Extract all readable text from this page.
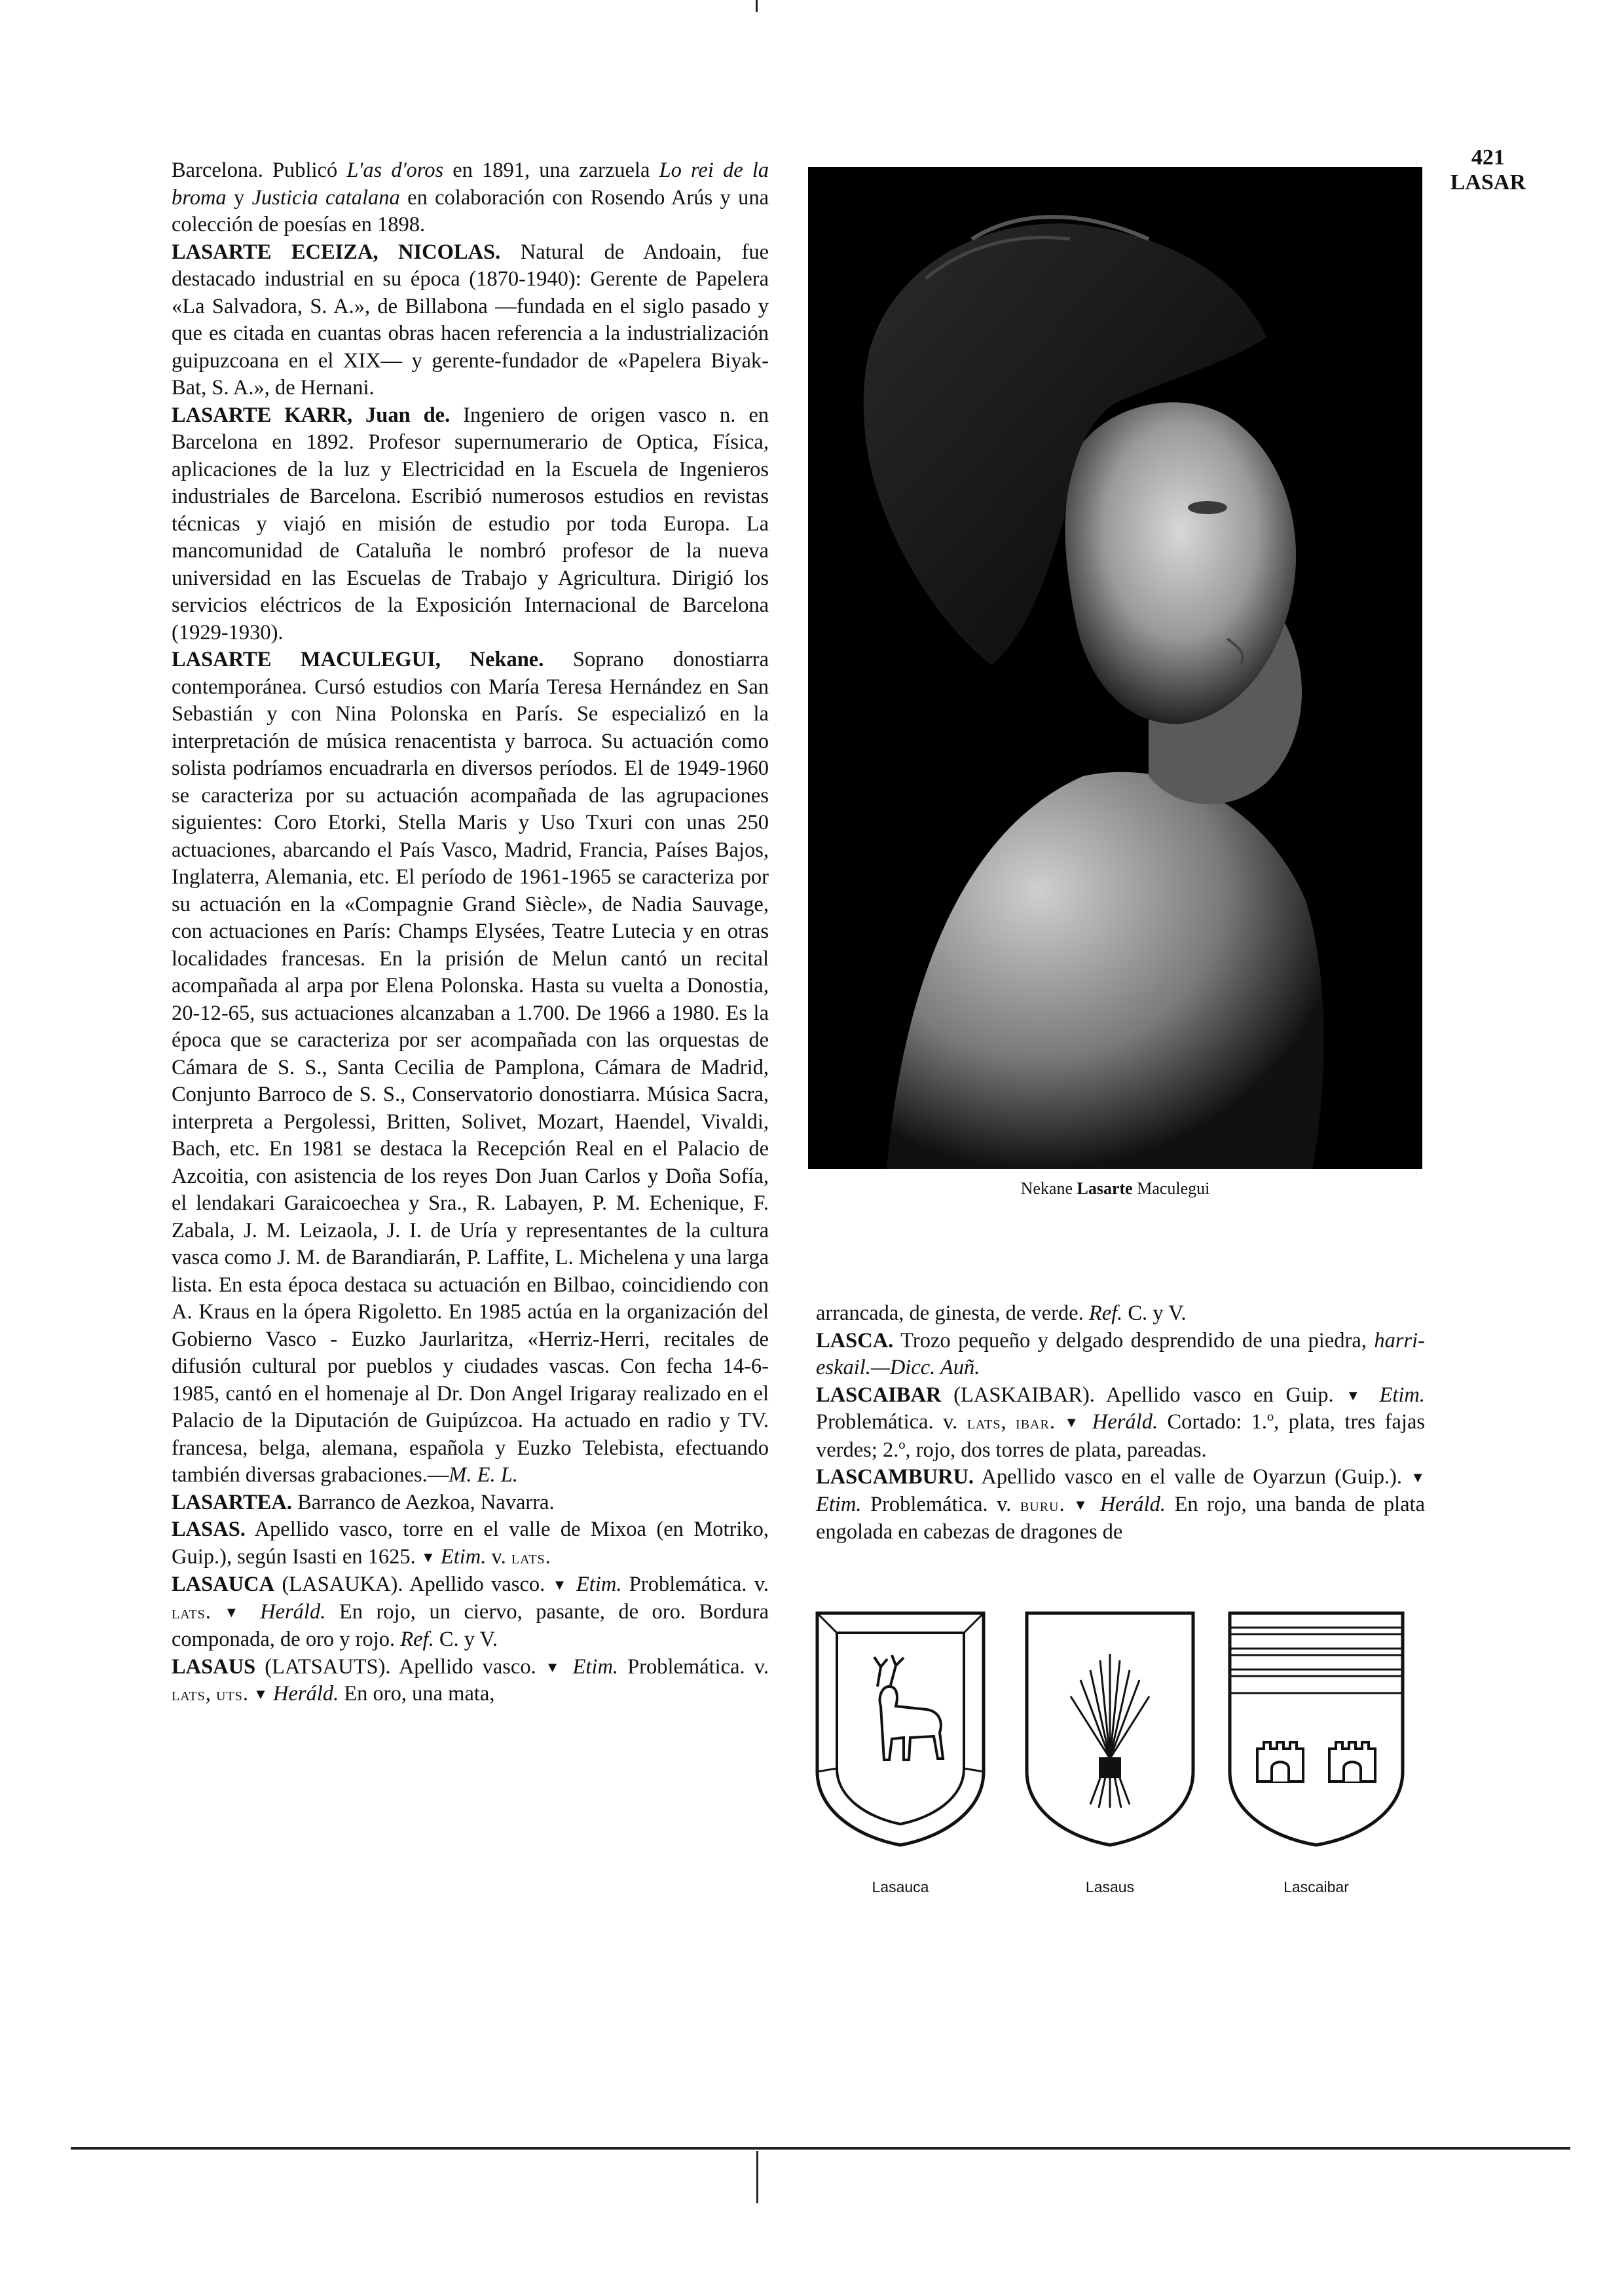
421
LASAR

Barcelona. Publicó L'as d'oros en 1891, una zarzuela Lo rei de la broma y Justicia catalana en colaboración con Rosendo Arús y una colección de poesías en 1898.

LASARTE ECEIZA, NICOLAS. Natural de Andoain, fue destacado industrial en su época (1870-1940): Gerente de Papelera «La Salvadora, S. A.», de Billabona —fundada en el siglo pasado y que es citada en cuantas obras hacen referencia a la industrialización guipuzcoana en el XIX— y gerente-fundador de «Papelera Biyak-Bat, S. A.», de Hernani.

LASARTE KARR, Juan de. Ingeniero de origen vasco n. en Barcelona en 1892. Profesor supernumerario de Optica, Física, aplicaciones de la luz y Electricidad en la Escuela de Ingenieros industriales de Barcelona. Escribió numerosos estudios en revistas técnicas y viajó en misión de estudio por toda Europa. La mancomunidad de Cataluña le nombró profesor de la nueva universidad en las Escuelas de Trabajo y Agricultura. Dirigió los servicios eléctricos de la Exposición Internacional de Barcelona (1929-1930).

LASARTE MACULEGUI, Nekane. Soprano donostiarra contemporánea. Cursó estudios con María Teresa Hernández en San Sebastián y con Nina Polonska en París. Se especializó en la interpretación de música renacentista y barroca. Su actuación como solista podríamos encuadrarla en diversos períodos. El de 1949-1960 se caracteriza por su actuación acompañada de las agrupaciones siguientes: Coro Etorki, Stella Maris y Uso Txuri con unas 250 actuaciones, abarcando el País Vasco, Madrid, Francia, Países Bajos, Inglaterra, Alemania, etc. El período de 1961-1965 se caracteriza por su actuación en la «Compagnie Grand Siècle», de Nadia Sauvage, con actuaciones en París: Champs Elysées, Teatre Lutecia y en otras localidades francesas. En la prisión de Melun cantó un recital acompañada al arpa por Elena Polonska. Hasta su vuelta a Donostia, 20-12-65, sus actuaciones alcanzaban a 1.700. De 1966 a 1980. Es la época que se caracteriza por ser acompañada con las orquestas de Cámara de S. S., Santa Cecilia de Pamplona, Cámara de Madrid, Conjunto Barroco de S. S., Conservatorio donostiarra. Música Sacra, interpreta a Pergolessi, Britten, Solivet, Mozart, Haendel, Vivaldi, Bach, etc. En 1981 se destaca la Recepción Real en el Palacio de Azcoitia, con asistencia de los reyes Don Juan Carlos y Doña Sofía, el lendakari Garaicoechea y Sra., R. Labayen, P. M. Echenique, F. Zabala, J. M. Leizaola, J. I. de Uría y representantes de la cultura vasca como J. M. de Barandiarán, P. Laffite, L. Michelena y una larga lista. En esta época destaca su actuación en Bilbao, coincidiendo con A. Kraus en la ópera Rigoletto. En 1985 actúa en la organización del Gobierno Vasco - Euzko Jaurlaritza, «Herriz-Herri, recitales de difusión cultural por pueblos y ciudades vascas. Con fecha 14-6-1985, cantó en el homenaje al Dr. Don Angel Irigaray realizado en el Palacio de la Diputación de Guipúzcoa. Ha actuado en radio y TV. francesa, belga, alemana, española y Euzko Telebista, efectuando también diversas grabaciones.—M. E. L.

LASARTEA. Barranco de Aezkoa, Navarra.

LASAS. Apellido vasco, torre en el valle de Mixoa (en Motriko, Guip.), según Isasti en 1625. ▼ Etim. v. lats.

LASAUCA (LASAUKA). Apellido vasco. ▼ Etim. Problemática. v. lats. ▼ Heráld. En rojo, un ciervo, pasante, de oro. Bordura componada, de oro y rojo. Ref. C. y V.

LASAUS (LATSAUTS). Apellido vasco. ▼ Etim. Problemática. v. lats, uts. ▼ Heráld. En oro, una mata,

Nekane Lasarte Maculegui

arrancada, de ginesta, de verde. Ref. C. y V.

LASCA. Trozo pequeño y delgado desprendido de una piedra, harri-eskail.—Dicc. Auñ.

LASCAIBAR (LASKAIBAR). Apellido vasco en Guip. ▼ Etim. Problemática. v. lats, ibar. ▼ Heráld. Cortado: 1.º, plata, tres fajas verdes; 2.º, rojo, dos torres de plata, pareadas.

LASCAMBURU. Apellido vasco en el valle de Oyarzun (Guip.). ▼ Etim. Problemática. v. buru. ▼ Heráld. En rojo, una banda de plata engolada en cabezas de dragones de

Lasauca	Lasaus	Lascaibar
